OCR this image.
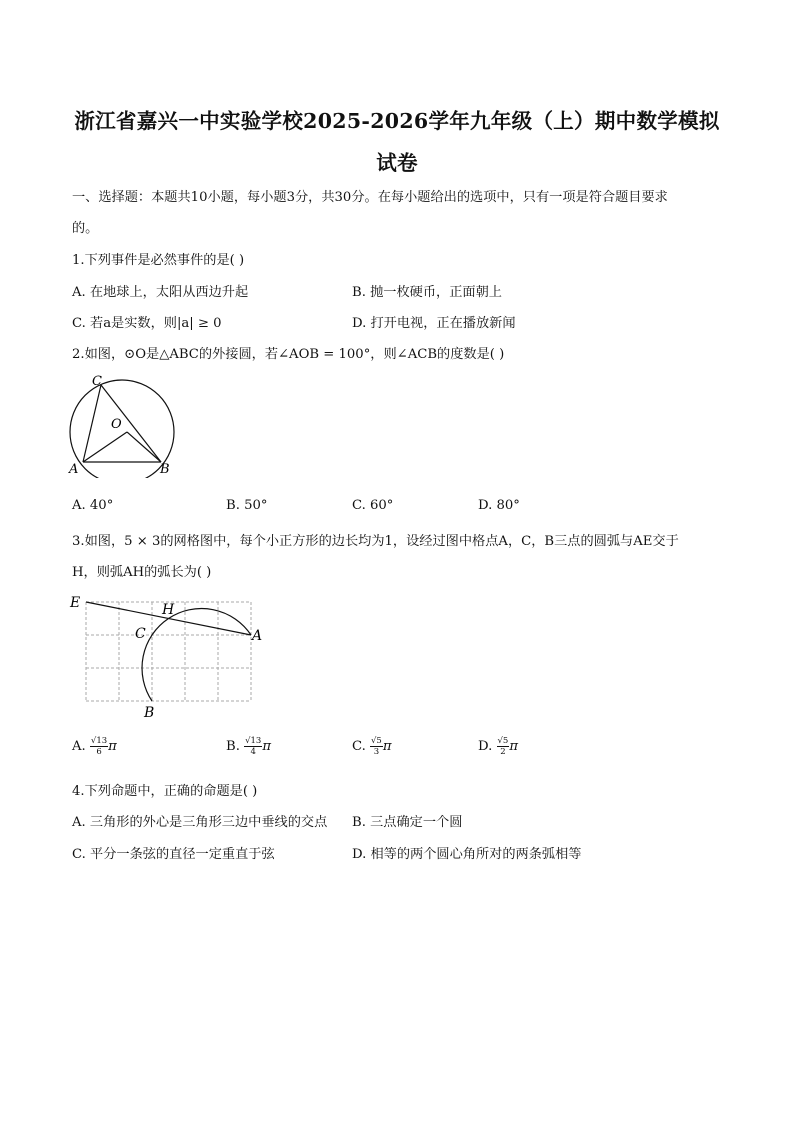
浙江省嘉兴一中实验学校2025-2026学年九年级（上）期中数学模拟
试卷
一、选择题：本题共10小题，每小题3分，共30分。在每小题给出的选项中，只有一项是符合题目要求
的。
1.下列事件是必然事件的是( )
A. 在地球上，太阳从西边升起	B. 抛一枚硬币，正面朝上
C. 若a是实数，则|a| ≥ 0	D. 打开电视，正在播放新闻
2.如图，⊙O是△ABC的外接圆，若∠AOB = 100°，则∠ACB的度数是( )
C
O
A	B
A. 40°	B. 50°	C. 60°	D. 80°
3.如图，5 × 3的网格图中，每个小正方形的边长均为1，设经过图中格点A，C，B三点的圆弧与AE交于
H，则弧AH的弧长为( )
E	H
C	A
B
A. $\frac{√13}{6}$ π	B. $\frac{√13}{4}$ π	C. $\frac{√5}{3}$ π	D. $\frac{√5}{2}$ π
4.下列命题中，正确的命题是( )
A. 三角形的外心是三角形三边中垂线的交点 B. 三点确定一个圆
C. 平分一条弦的直径一定重直于弦	D. 相等的两个圆心角所对的两条弧相等
